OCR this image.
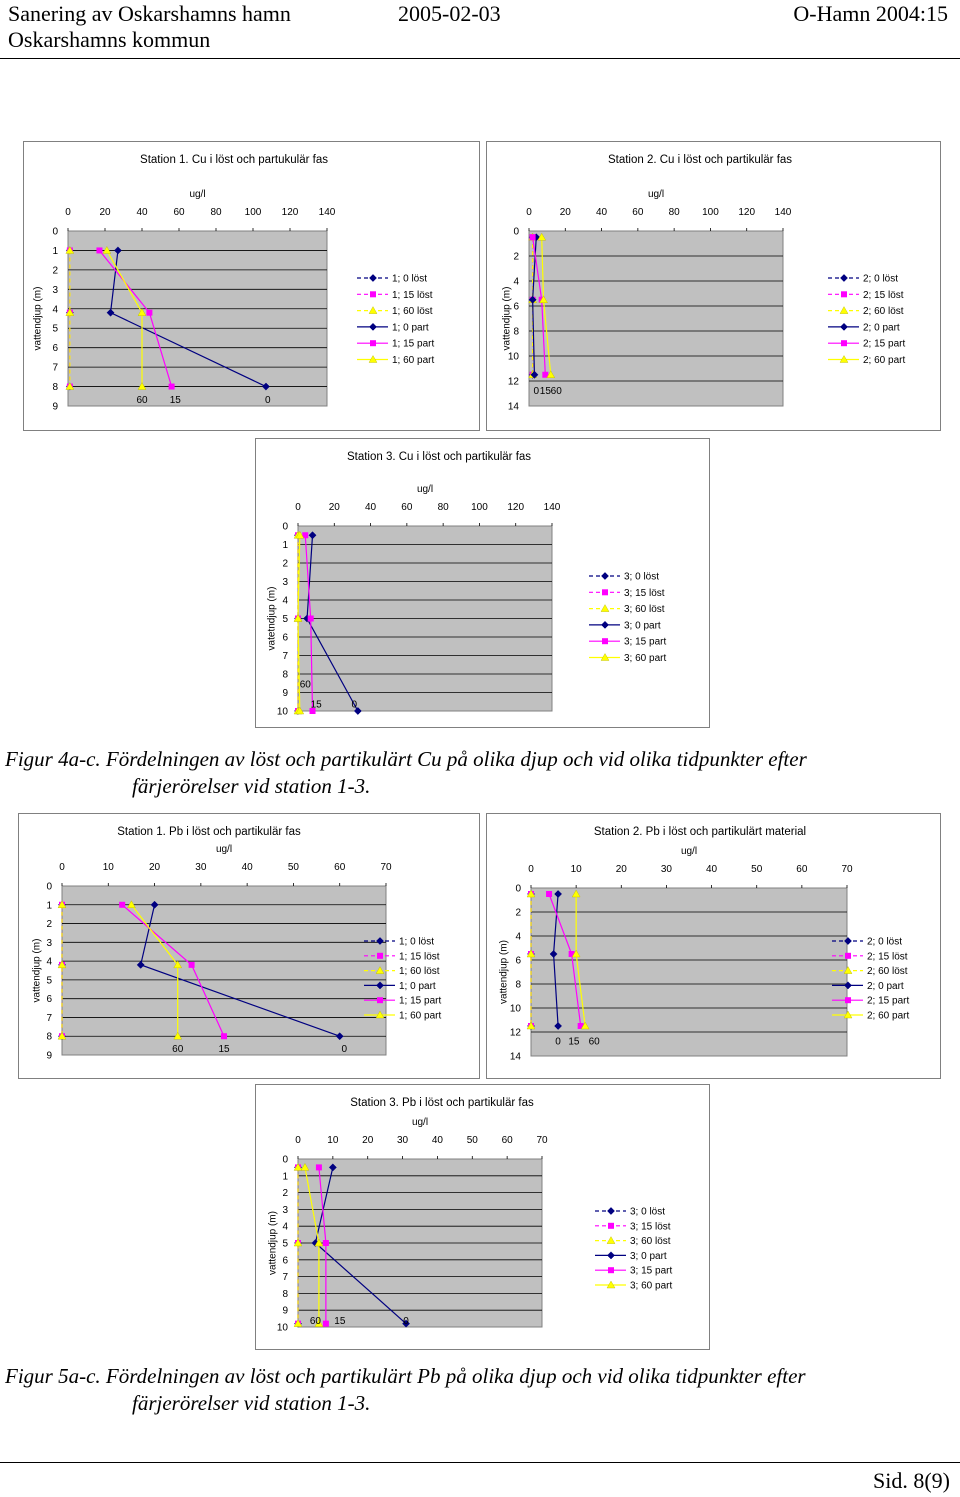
Sanering av Oskarshamns hamn
Oskarshamns kommun
2005-02-03	O-Hamn 2004:15
Station 1. Cu i löst och partukulär fas
ug/l
vattendjup (m)
0	20	40	60	80 100 120 140
0
1
2
3
4
5
6
7
8
9
60 15	0
1; 0 löst
1; 15 löst
1; 60 löst
1; 0 part
1; 15 part
1; 60 part
Station 2. Cu i löst och partikulär fas
ug/l
vattendjup (m)
0	20	40	60	80 100 120 140
0
2
4
6
8
10
12
14
0 15 60
2; 0 löst
2; 15 löst
2; 60 löst
2; 0 part
2; 15 part
2; 60 part
Station 3. Cu i löst och partikulär fas
ug/l
vatetndjup (m)
0	20	40	60	80 100 120 140
0
1
2
3
4
5
6
7
8
9
10
60
15	0
3; 0 löst
3; 15 löst
3; 60 löst
3; 0 part
3; 15 part
3; 60 part
Figur 4a-c. Fördelningen av löst och partikulärt Cu på olika djup och vid olika tidpunkter efter
färjerörelser vid station 1-3.
Station 1. Pb i löst och partikulär fas
ug/l
vattendjup (m)
0	10	20	30	40	50	60	70
0
1
2
3
4
5
6
7
8
9
60	15	0
1; 0 löst
1; 15 löst
1; 60 löst
1; 0 part
1; 15 part
1; 60 part
Station 2. Pb i löst och partikulärt material
ug/l
vattendjup (m)
0	10	20	30	40	50	60	70
0
2
4
6
8
10
12
14
0 15 60
2; 0 löst
2; 15 löst
2; 60 löst
2; 0 part
2; 15 part
2; 60 part
Station 3. Pb i löst och partikulär fas
ug/l
vattendjup (m)
0	10 20 30 40 50 60 70
0
1
2
3
4
5
6
7
8
9
10
60 15	0
3; 0 löst
3; 15 löst
3; 60 löst
3; 0 part
3; 15 part
3; 60 part
Figur 5a-c. Fördelningen av löst och partikulärt Pb på olika djup och vid olika tidpunkter efter
färjerörelser vid station 1-3.
Sid. 8(9)
